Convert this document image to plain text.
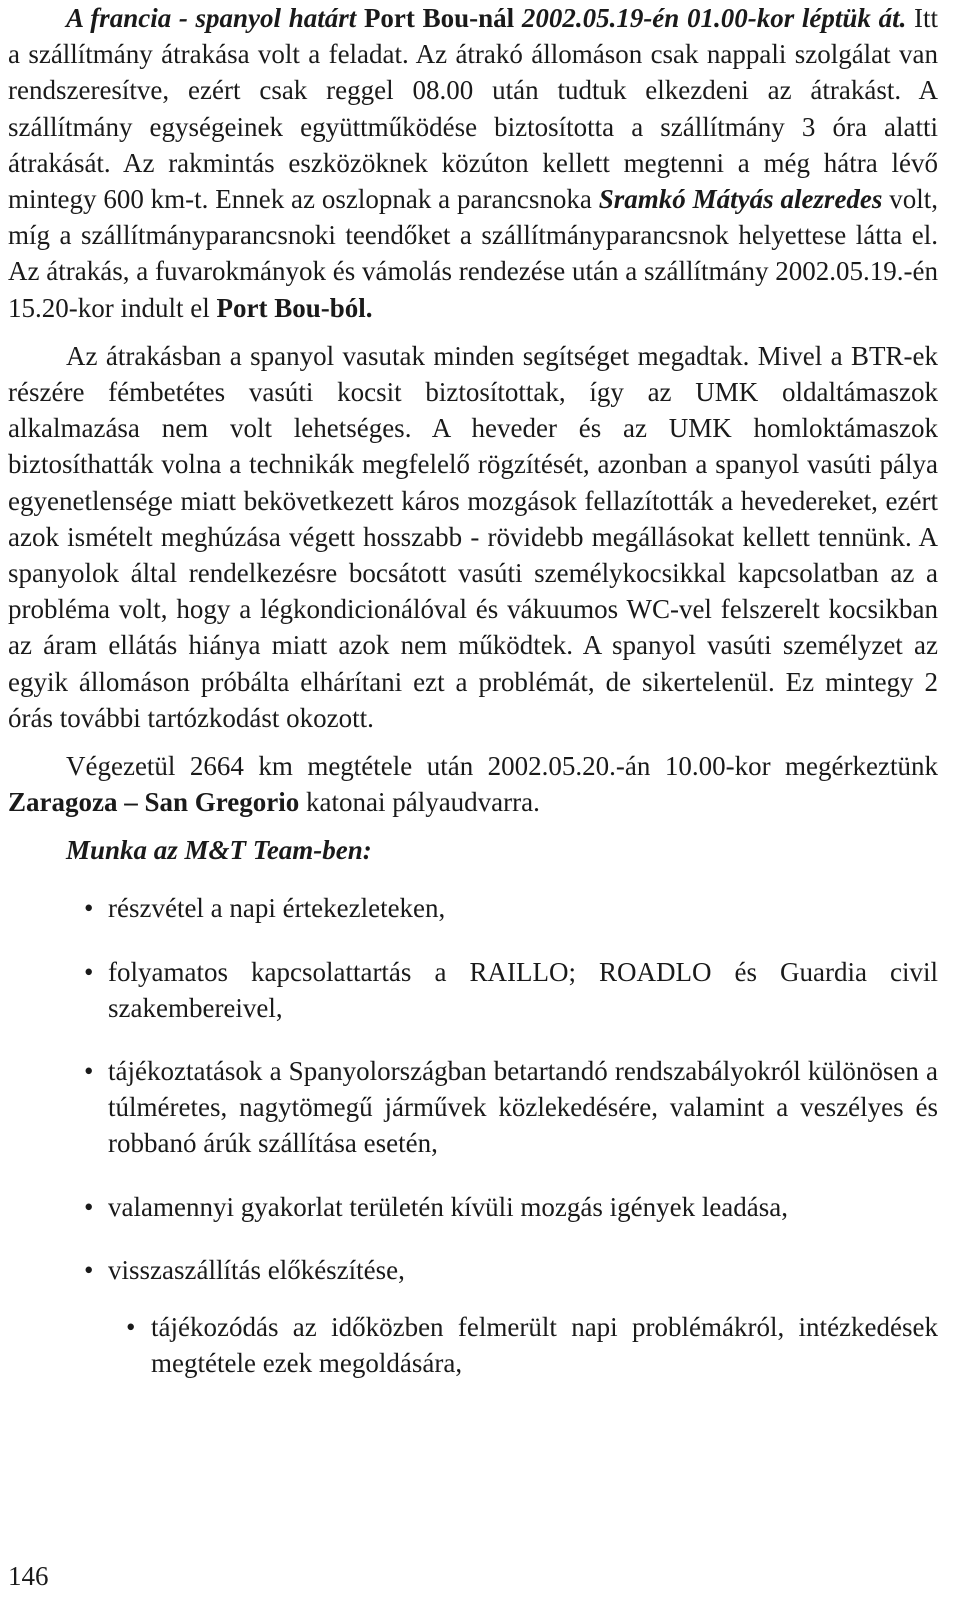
A francia - spanyol határt Port Bou-nál 2002.05.19-én 01.00-kor léptük át. Itt a szállítmány átrakása volt a feladat. Az átrakó állomáson csak nappali szolgálat van rendszeresítve, ezért csak reggel 08.00 után tudtuk elkezdeni az átrakást. A szállítmány egységeinek együttműködése biztosította a szállítmány 3 óra alatti átrakását. Az rakmintás eszközöknek közúton kellett megtenni a még hátra lévő mintegy 600 km-t. Ennek az oszlopnak a parancsnoka Sramkó Mátyás alezredes volt, míg a szállítmányparancsnoki teendőket a szállítmányparancsnok helyettese látta el. Az átrakás, a fuvarokmányok és vámolás rendezése után a szállítmány 2002.05.19.-én 15.20-kor indult el Port Bou-ból.

Az átrakásban a spanyol vasutak minden segítséget megadtak. Mivel a BTR-ek részére fémbetétes vasúti kocsit biztosítottak, így az UMK oldaltámaszok alkalmazása nem volt lehetséges. A heveder és az UMK homloktámaszok biztosíthatták volna a technikák megfelelő rögzítését, azonban a spanyol vasúti pálya egyenetlensége miatt bekövetkezett káros mozgások fellazították a hevedereket, ezért azok ismételt meghúzása végett hosszabb - rövidebb megállásokat kellett tennünk. A spanyolok által rendelkezésre bocsátott vasúti személykocsikkal kapcsolatban az a probléma volt, hogy a légkondicionálóval és vákuumos WC-vel felszerelt kocsikban az áram ellátás hiánya miatt azok nem működtek. A spanyol vasúti személyzet az egyik állomáson próbálta elhárítani ezt a problémát, de sikertelenül. Ez mintegy 2 órás további tartózkodást okozott.

Végezetül 2664 km megtétele után 2002.05.20.-án 10.00-kor megérkeztünk Zaragoza – San Gregorio katonai pályaudvarra.

Munka az M&T Team-ben:

• részvétel a napi értekezleteken,
• folyamatos kapcsolattartás a RAILLO; ROADLO és Guardia civil szakembereivel,
• tájékoztatások a Spanyolországban betartandó rendszabályokról különösen a túlméretes, nagytömegű járművek közlekedésére, valamint a veszélyes és robbanó árúk szállítása esetén,
• valamennyi gyakorlat területén kívüli mozgás igények leadása,
• visszaszállítás előkészítése,
• tájékozódás az időközben felmerült napi problémákról, intézkedések megtétele ezek megoldására,
146
